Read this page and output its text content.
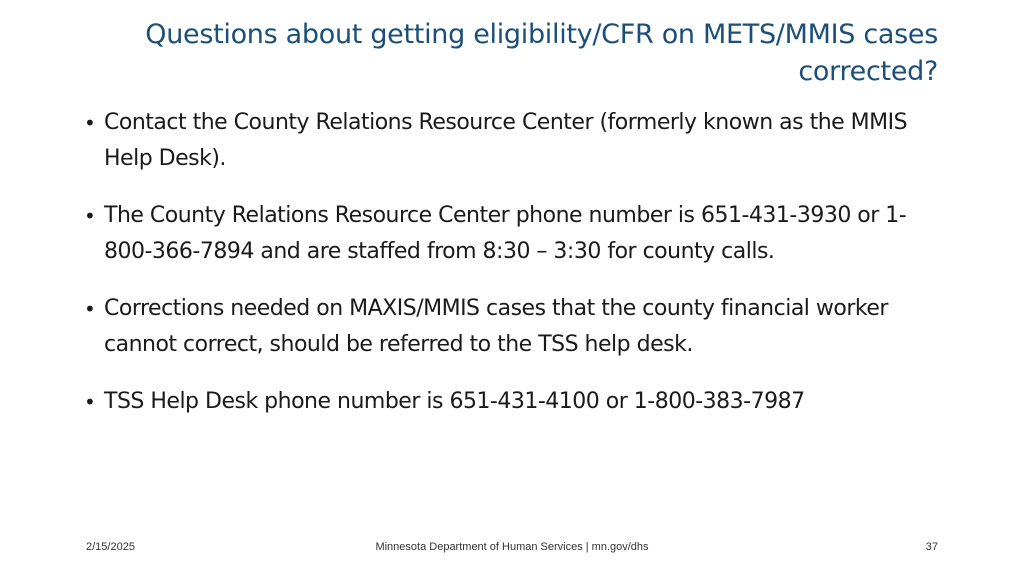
Questions about getting eligibility/CFR on METS/MMIS cases
corrected?
• Contact the County Relations Resource Center (formerly known as the MMIS Help Desk).
• The County Relations Resource Center phone number is 651-431-3930 or 1-800-366-7894 and are staffed from 8:30 – 3:30 for county calls.
• Corrections needed on MAXIS/MMIS cases that the county financial worker cannot correct, should be referred to the TSS help desk.
• TSS Help Desk phone number is 651-431-4100 or 1-800-383-7987
2/15/2025	Minnesota Department of Human Services | mn.gov/dhs	37
